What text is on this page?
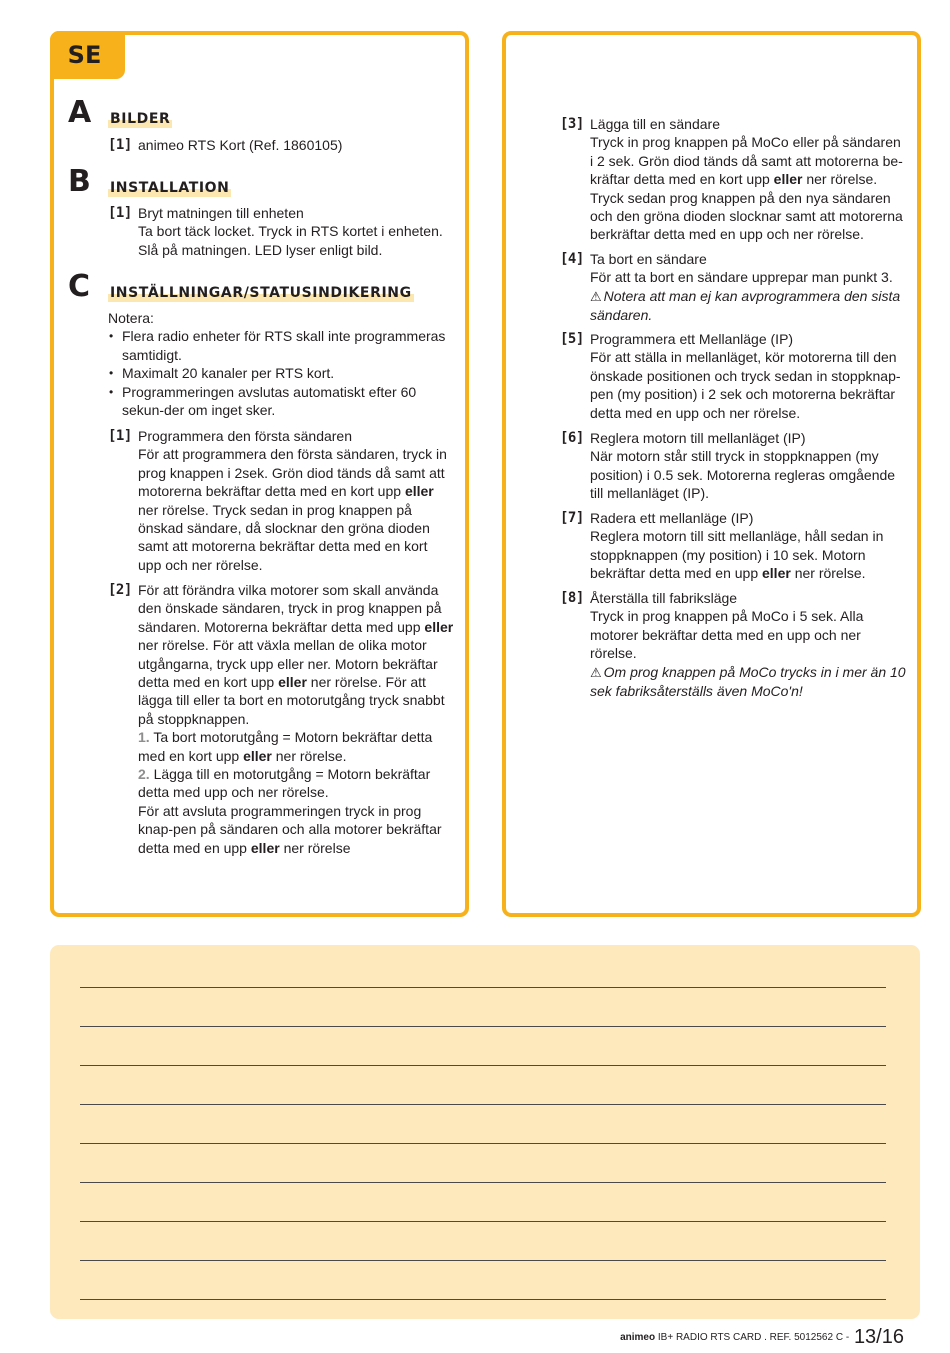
SE
A BILDER
[1] animeo RTS Kort (Ref. 1860105)
B INSTALLATION
[1] Bryt matningen till enheten
Ta bort täck locket. Tryck in RTS kortet i enheten.
Slå på matningen. LED lyser enligt bild.
C INSTÄLLNINGAR/STATUSINDIKERING
Notera:
• Flera radio enheter för RTS skall inte programmeras samtidigt.
• Maximalt 20 kanaler per RTS kort.
• Programmeringen avslutas automatiskt efter 60 sekun-der om inget sker.
[1] Programmera den första sändaren
För att programmera den första sändaren, tryck in prog knappen i 2sek. Grön diod tänds då samt att motorerna bekräftar detta med en kort upp eller ner rörelse. Tryck sedan in prog knappen på önskad sändare, då slocknar den gröna dioden samt att motorerna bekräftar detta med en kort upp och ner rörelse.
[2] För att förändra vilka motorer som skall använda den önskade sändaren, tryck in prog knappen på sändaren. Motorerna bekräftar detta med upp eller ner rörelse. För att växla mellan de olika motor utgångarna, tryck upp eller ner. Motorn bekräftar detta med en kort upp eller ner rörelse. För att lägga till eller ta bort en motorutgång tryck snabbt på stoppknappen.
1. Ta bort motorutgång = Motorn bekräftar detta med en kort upp eller ner rörelse.
2. Lägga till en motorutgång = Motorn bekräftar detta med upp och ner rörelse.
För att avsluta programmeringen tryck in prog knap-pen på sändaren och alla motorer bekräftar detta med en upp eller ner rörelse
[3] Lägga till en sändare
Tryck in prog knappen på MoCo eller på sändaren i 2 sek. Grön diod tänds då samt att motorerna be-kräftar detta med en kort upp eller ner rörelse. Tryck sedan prog knappen på den nya sändaren och den gröna dioden slocknar samt att motorerna berkräftar detta med en upp och ner rörelse.
[4] Ta bort en sändare
För att ta bort en sändare upprepar man punkt 3.
⚠ Notera att man ej kan avprogrammera den sista sändaren.
[5] Programmera ett Mellanläge (IP)
För att ställa in mellanläget, kör motorerna till den önskade positionen och tryck sedan in stoppknap-pen (my position) i 2 sek och motorerna bekräftar detta med en upp och ner rörelse.
[6] Reglera motorn till mellanläget (IP)
När motorn står still tryck in stoppknappen (my position) i 0.5 sek. Motorerna regleras omgående till mellanläget (IP).
[7] Radera ett mellanläge (IP)
Reglera motorn till sitt mellanläge, håll sedan in stoppknappen (my position) i 10 sek. Motorn bekräftar detta med en upp eller ner rörelse.
[8] Återställa till fabriksläge
Tryck in prog knappen på MoCo i 5 sek. Alla motorer bekräftar detta med en upp och ner rörelse.
⚠ Om prog knappen på MoCo trycks in i mer än 10 sek fabriksåterställs även MoCo'n!
animeo IB+ RADIO RTS CARD . REF. 5012562 C - 13/16
